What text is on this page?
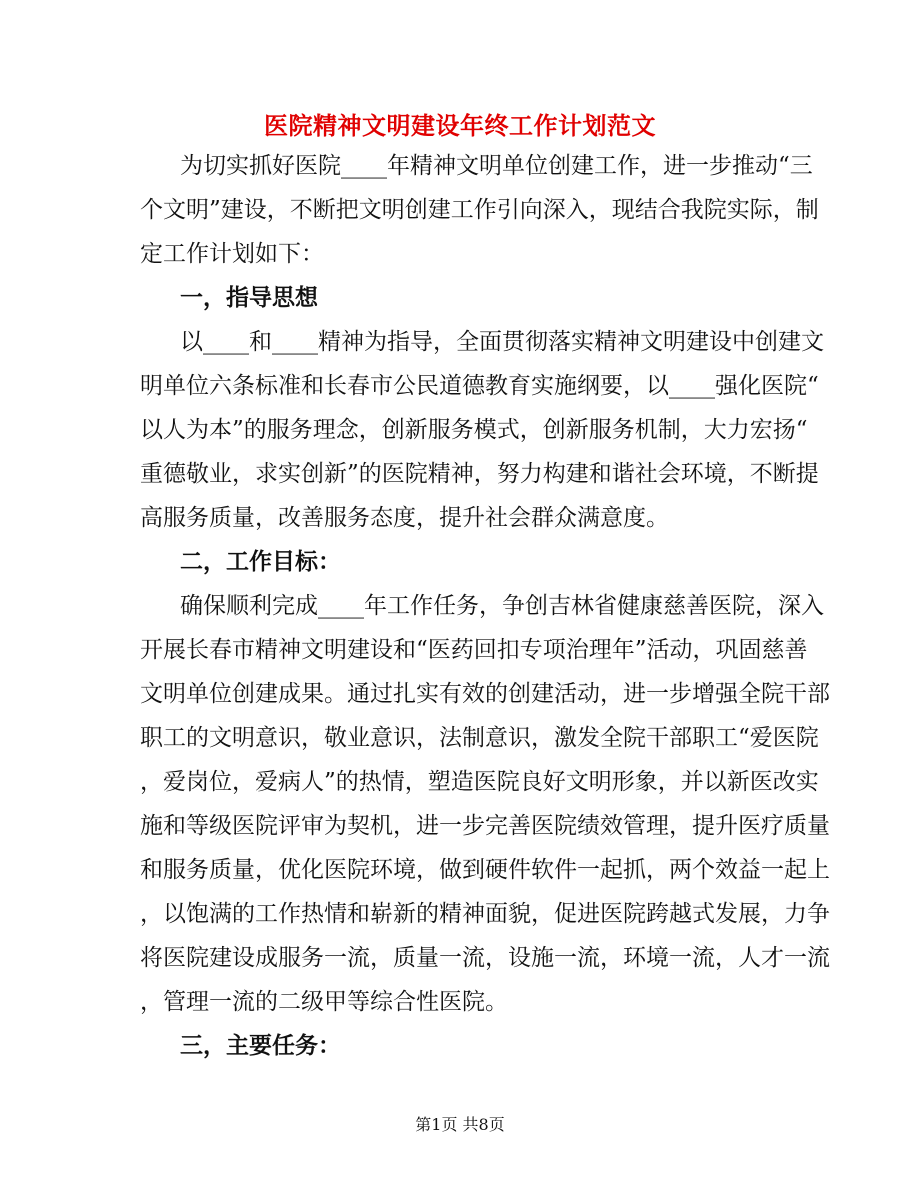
医院精神文明建设年终工作计划范文
为切实抓好医院____年精神文明单位创建工作，进一步推动“三
个文明”建设，不断把文明创建工作引向深入，现结合我院实际，制
定工作计划如下：
一，指导思想
以____和____精神为指导，全面贯彻落实精神文明建设中创建文
明单位六条标准和长春市公民道德教育实施纲要，以____强化医院“
以人为本”的服务理念，创新服务模式，创新服务机制，大力宏扬“
重德敬业，求实创新”的医院精神，努力构建和谐社会环境，不断提
高服务质量，改善服务态度，提升社会群众满意度。
二，工作目标：
确保顺利完成____年工作任务，争创吉林省健康慈善医院，深入
开展长春市精神文明建设和“医药回扣专项治理年”活动，巩固慈善
文明单位创建成果。通过扎实有效的创建活动，进一步增强全院干部
职工的文明意识，敬业意识，法制意识，激发全院干部职工“爱医院
，爱岗位，爱病人”的热情，塑造医院良好文明形象，并以新医改实
施和等级医院评审为契机，进一步完善医院绩效管理，提升医疗质量
和服务质量，优化医院环境，做到硬件软件一起抓，两个效益一起上
，以饱满的工作热情和崭新的精神面貌，促进医院跨越式发展，力争
将医院建设成服务一流，质量一流，设施一流，环境一流，人才一流
，管理一流的二级甲等综合性医院。
三，主要任务：
第1页 共8页
